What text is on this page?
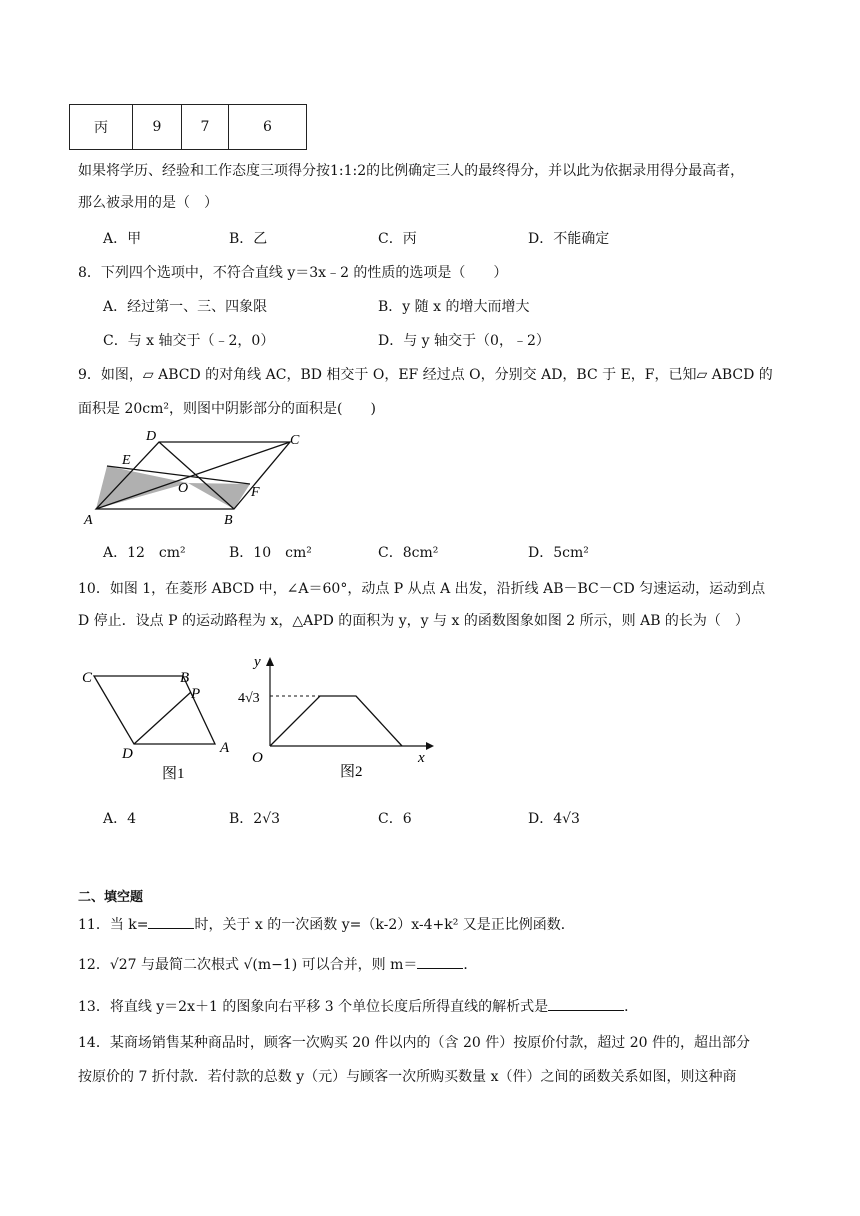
丙	9	7	6
如果将学历、经验和工作态度三项得分按1:1:2的比例确定三人的最终得分，并以此为依据录用得分最高者，
那么被录用的是（　）
A．甲	B．乙	C．丙	D．不能确定
8．下列四个选项中，不符合直线 y＝3x﹣2 的性质的选项是（　　）
A．经过第一、三、四象限	B．y 随 x 的增大而增大
C．与 x 轴交于（﹣2，0）	D．与 y 轴交于（0，﹣2）
9．如图，▱ ABCD 的对角线 AC，BD 相交于 O，EF 经过点 O，分别交 AD，BC 于 E，F，已知▱ ABCD 的
面积是 20cm²，则图中阴影部分的面积是(　　)
D	C
E
O	F
A	B
A．12　cm²	B．10　cm²	C．8cm²	D．5cm²
10．如图 1，在菱形 ABCD 中，∠A＝60°，动点 P 从点 A 出发，沿折线 AB－BC－CD 匀速运动，运动到点
D 停止．设点 P 的运动路程为 x，△APD 的面积为 y，y 与 x 的函数图象如图 2 所示，则 AB 的长为（　）
C	B
P
D	A
图1
y
4√3
O	x
图2
A．4	B．2√3	C．6	D．4√3
二、填空题
11．当 k=	时，关于 x 的一次函数 y=（k-2）x-4+k² 又是正比例函数．
12．√27 与最简二次根式 √(m−1) 可以合并，则 m＝	．
13．将直线 y＝2x＋1 的图象向右平移 3 个单位长度后所得直线的解析式是	．
14．某商场销售某种商品时，顾客一次购买 20 件以内的（含 20 件）按原价付款，超过 20 件的，超出部分
按原价的 7 折付款．若付款的总数 y（元）与顾客一次所购买数量 x（件）之间的函数关系如图，则这种商
